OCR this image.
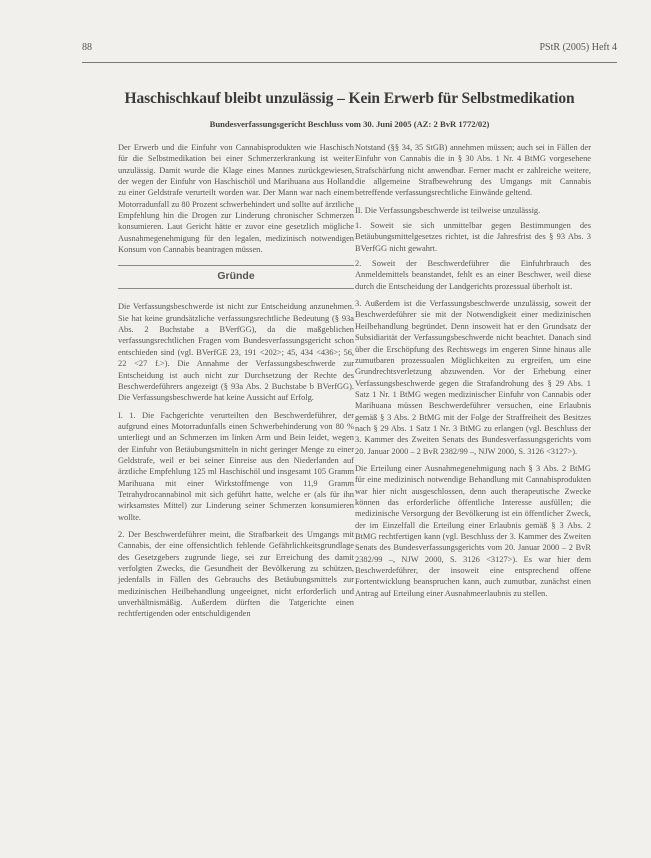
88	PStR (2005) Heft 4
Haschischkauf bleibt unzulässig – Kein Erwerb für Selbstmedikation
Bundesverfassungsgericht Beschluss vom 30. Juni 2005 (AZ: 2 BvR 1772/02)

Der Erwerb und die Einfuhr von Cannabisprodukten wie Haschisch für die Selbstmedikation bei einer Schmerzerkrankung ist weiter unzulässig. Damit wurde die Klage eines Mannes zurückgewiesen, der wegen der Einfuhr von Haschischöl und Marihuana aus Holland zu einer Geldstrafe verurteilt worden war. Der Mann war nach einem Motorradunfall zu 80 Prozent schwerbehindert und sollte auf ärztliche Empfehlung hin die Drogen zur Linderung chronischer Schmerzen konsumieren. Laut Gericht hätte er zuvor eine gesetzlich mögliche Ausnahmegenehmigung für den legalen, medizinisch notwendigen Konsum von Cannabis beantragen müssen.

Gründe

Die Verfassungsbeschwerde ist nicht zur Entscheidung anzunehmen. Sie hat keine grundsätzliche verfassungsrechtliche Bedeutung (§ 93a Abs. 2 Buchstabe a BVerfGG), da die maßgeblichen verfassungsrechtlichen Fragen vom Bundesverfassungsgericht schon entschieden sind (vgl. BVerfGE 23, 191 <202>; 45, 434 <436>; 56, 22 <27 f.>). Die Annahme der Verfassungsbeschwerde zur Entscheidung ist auch nicht zur Durchsetzung der Rechte des Beschwerdeführers angezeigt (§ 93a Abs. 2 Buchstabe b BVerfGG). Die Verfassungsbeschwerde hat keine Aussicht auf Erfolg.

I. 1. Die Fachgerichte verurteilten den Beschwerdeführer, der aufgrund eines Motorradunfalls einen Schwerbehinderung von 80 % unterliegt und an Schmerzen im linken Arm und Bein leidet, wegen der Einfuhr von Betäubungsmitteln in nicht geringer Menge zu einer Geldstrafe, weil er bei seiner Einreise aus den Niederlanden auf ärztliche Empfehlung 125 ml Haschischöl und insgesamt 105 Gramm Marihuana mit einer Wirkstoffmenge von 11,9 Gramm Tetrahydrocannabinol mit sich geführt hatte, welche er (als für ihn wirksamstes Mittel) zur Linderung seiner Schmerzen konsumieren wollte.

2. Der Beschwerdeführer meint, die Strafbarkeit des Umgangs mit Cannabis, der eine offensichtlich fehlende Gefährlichkeitsgrundlage des Gesetzgebers zugrunde liege, sei zur Erreichung des damit verfolgten Zwecks, die Gesundheit der Bevölkerung zu schützen, jedenfalls in Fällen des Gebrauchs des Betäubungsmittels zur medizinischen Heilbehandlung ungeeignet, nicht erforderlich und unverhältnismäßig. Außerdem dürften die Tatgerichte einen rechtfertigenden oder entschuldigenden

Notstand (§§ 34, 35 StGB) annehmen müssen; auch sei in Fällen der Einfuhr von Cannabis die in § 30 Abs. 1 Nr. 4 BtMG vorgesehene Strafschärfung nicht anwendbar. Ferner macht er zahlreiche weitere, die allgemeine Strafbewehrung des Umgangs mit Cannabis betreffende verfassungsrechtliche Einwände geltend.

II. Die Verfassungsbeschwerde ist teilweise unzulässig.

1. Soweit sie sich unmittelbar gegen Bestimmungen des Betäubungsmittelgesetzes richtet, ist die Jahresfrist des § 93 Abs. 3 BVerfGG nicht gewahrt.

2. Soweit der Beschwerdeführer die Einfuhrbrauch des Anmeldemittels beanstandet, fehlt es an einer Beschwer, weil diese durch die Entscheidung der Landgerichts prozessual überholt ist.

3. Außerdem ist die Verfassungsbeschwerde unzulässig, soweit der Beschwerdeführer sie mit der Notwendigkeit einer medizinischen Heilbehandlung begründet. Denn insoweit hat er den Grundsatz der Subsidiarität der Verfassungsbeschwerde nicht beachtet. Danach sind über die Erschöpfung des Rechtswegs im engeren Sinne hinaus alle zumutbaren prozessualen Möglichkeiten zu ergreifen, um eine Grundrechtsverletzung abzuwenden. Vor der Erhebung einer Verfassungsbeschwerde gegen die Strafandrohung des § 29 Abs. 1 Satz 1 Nr. 1 BtMG wegen medizinischer Einfuhr von Cannabis oder Marihuana müssen Beschwerdeführer versuchen, eine Erlaubnis gemäß § 3 Abs. 2 BtMG mit der Folge der Straffreiheit des Besitzes nach § 29 Abs. 1 Satz 1 Nr. 3 BtMG zu erlangen (vgl. Beschluss der 3. Kammer des Zweiten Senats des Bundesverfassungsgerichts vom 20. Januar 2000 – 2 BvR 2382/99 –, NJW 2000, S. 3126 <3127>).

Die Erteilung einer Ausnahmegenehmigung nach § 3 Abs. 2 BtMG für eine medizinisch notwendige Behandlung mit Cannabisprodukten war hier nicht ausgeschlossen, denn auch therapeutische Zwecke können das erforderliche öffentliche Interesse ausfüllen; die medizinische Versorgung der Bevölkerung ist ein öffentlicher Zweck, der im Einzelfall die Erteilung einer Erlaubnis gemäß § 3 Abs. 2 BtMG rechtfertigen kann (vgl. Beschluss der 3. Kammer des Zweiten Senats des Bundesverfassungsgerichts vom 20. Januar 2000 – 2 BvR 2382/99 –, NJW 2000, S. 3126 <3127>). Es war hier dem Beschwerdeführer, der insoweit eine entsprechend offene Fortentwicklung beanspruchen kann, auch zumutbar, zunächst einen Antrag auf Erteilung einer Ausnahmeerlaubnis zu stellen.
